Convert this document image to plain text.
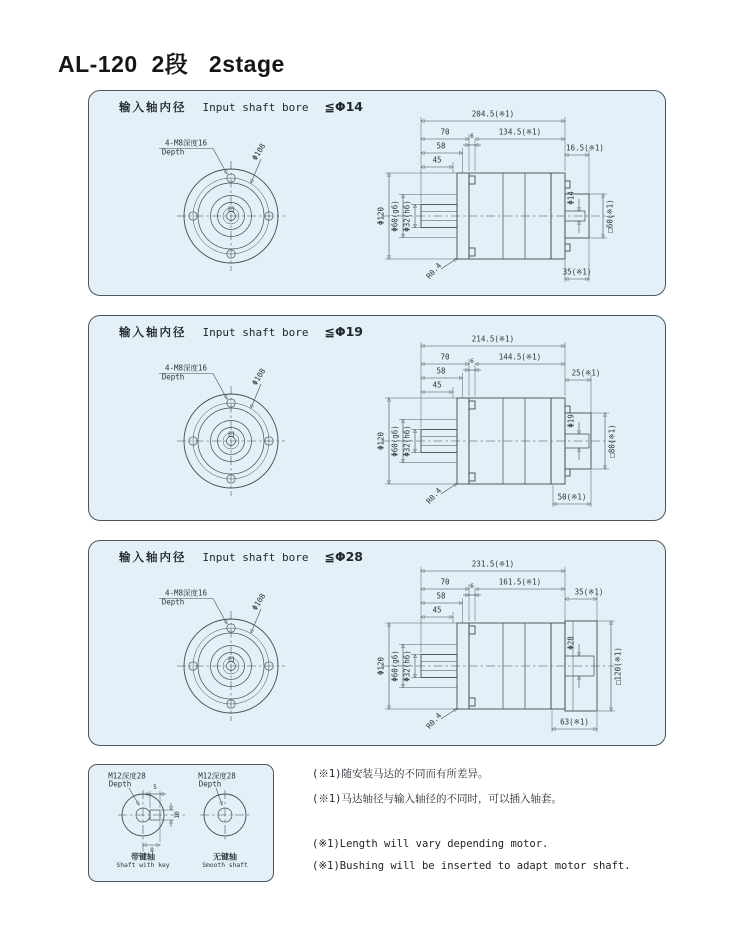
AL-120  2段   2stage
输入轴内径 Input shaft bore ≦Φ14
4-M8深度16
Depth	Φ108
204.5(※1)
70	134.5(※1)
58
45
6
16.5(※1)
Φ120 Φ60(g6) Φ32(h6)
Φ14
□60(※1)
35(※1)
R0.4
输入轴内径 Input shaft bore ≦Φ19
4-M8深度16
Depth	Φ108
214.5(※1)
70	144.5(※1)
58
45
6
25(※1)
Φ120 Φ60(g6) Φ32(h6)
Φ19
□80(※1)
50(※1)
R0.4
输入轴内径 Input shaft bore ≦Φ28
4-M8深度16
Depth	Φ108
231.5(※1)
70	161.5(※1)
58
45
6
35(※1)
Φ120 Φ60(g6) Φ32(h6)
Φ28
□120(※1)
63(※1)
R0.4
M12深度28
Depth
M12深度28
Depth
5
10
8
带键轴
Shaft with key
无键轴
Smooth shaft
(※1)随安装马达的不同而有所差异。
(※1)马达轴径与输入轴径的不同时，可以插入轴套。
(※1)Length will vary depending motor.
(※1)Bushing will be inserted to adapt motor shaft.
